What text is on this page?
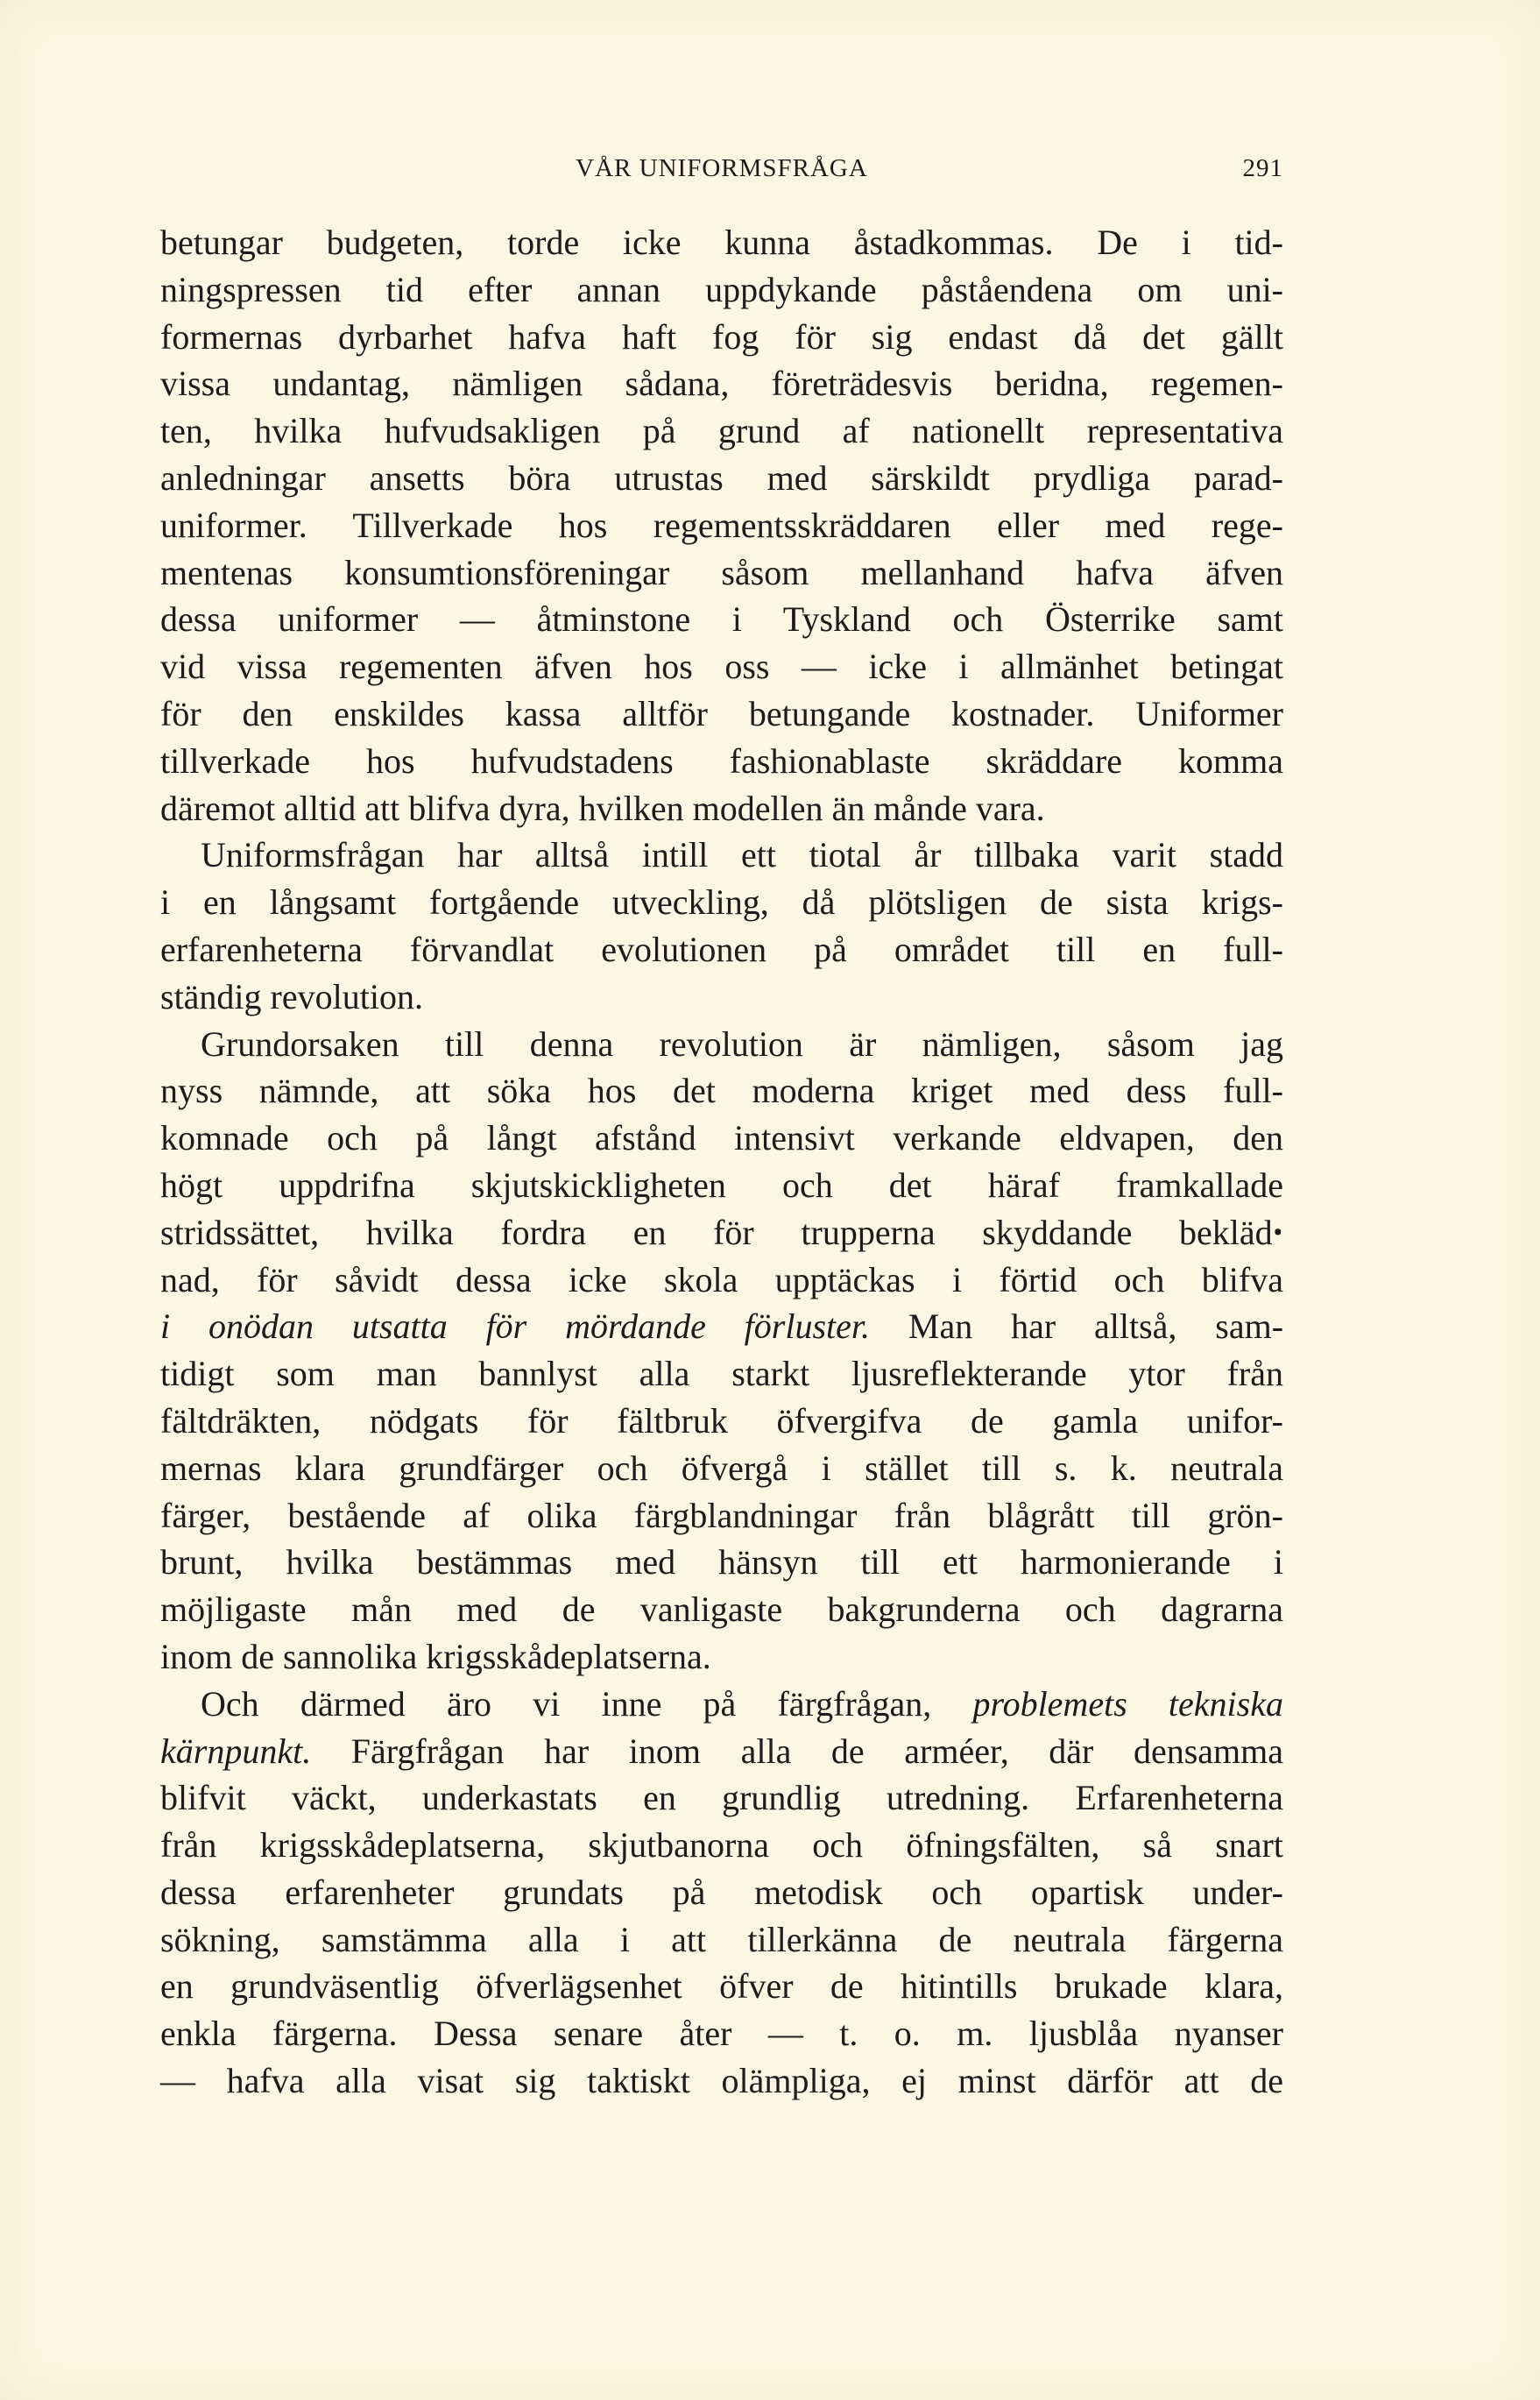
VÅR UNIFORMSFRÅGA	291
betungar budgeten, torde icke kunna åstadkommas. De i tid-
ningspressen tid efter annan uppdykande påståendena om uni-
formernas dyrbarhet hafva haft fog för sig endast då det gällt
vissa undantag, nämligen sådana, företrädesvis beridna, regemen-
ten, hvilka hufvudsakligen på grund af nationellt representativa
anledningar ansetts böra utrustas med särskildt prydliga parad-
uniformer. Tillverkade hos regementsskräddaren eller med rege-
mentenas konsumtionsföreningar såsom mellanhand hafva äfven
dessa uniformer — åtminstone i Tyskland och Österrike samt
vid vissa regementen äfven hos oss — icke i allmänhet betingat
för den enskildes kassa alltför betungande kostnader. Uniformer
tillverkade hos hufvudstadens fashionablaste skräddare komma
däremot alltid att blifva dyra, hvilken modellen än månde vara.
Uniformsfrågan har alltså intill ett tiotal år tillbaka varit stadd
i en långsamt fortgående utveckling, då plötsligen de sista krigs-
erfarenheterna förvandlat evolutionen på området till en full-
ständig revolution.
Grundorsaken till denna revolution är nämligen, såsom jag
nyss nämnde, att söka hos det moderna kriget med dess full-
komnade och på långt afstånd intensivt verkande eldvapen, den
högt uppdrifna skjutskickligheten och det häraf framkallade
stridssättet, hvilka fordra en för trupperna skyddande beklädꞏ
nad, för såvidt dessa icke skola upptäckas i förtid och blifva
i onödan utsatta för mördande förluster. Man har alltså, sam-
tidigt som man bannlyst alla starkt ljusreflekterande ytor från
fältdräkten, nödgats för fältbruk öfvergifva de gamla unifor-
mernas klara grundfärger och öfvergå i stället till s. k. neutrala
färger, bestående af olika färgblandningar från blågrått till grön-
brunt, hvilka bestämmas med hänsyn till ett harmonierande i
möjligaste mån med de vanligaste bakgrunderna och dagrarna
inom de sannolika krigsskådeplatserna.
Och därmed äro vi inne på färgfrågan, problemets tekniska
kärnpunkt. Färgfrågan har inom alla de arméer, där densamma
blifvit väckt, underkastats en grundlig utredning. Erfarenheterna
från krigsskådeplatserna, skjutbanorna och öfningsfälten, så snart
dessa erfarenheter grundats på metodisk och opartisk under-
sökning, samstämma alla i att tillerkänna de neutrala färgerna
en grundväsentlig öfverlägsenhet öfver de hitintills brukade klara,
enkla färgerna. Dessa senare åter — t. o. m. ljusblåa nyanser
— hafva alla visat sig taktiskt olämpliga, ej minst därför att de
